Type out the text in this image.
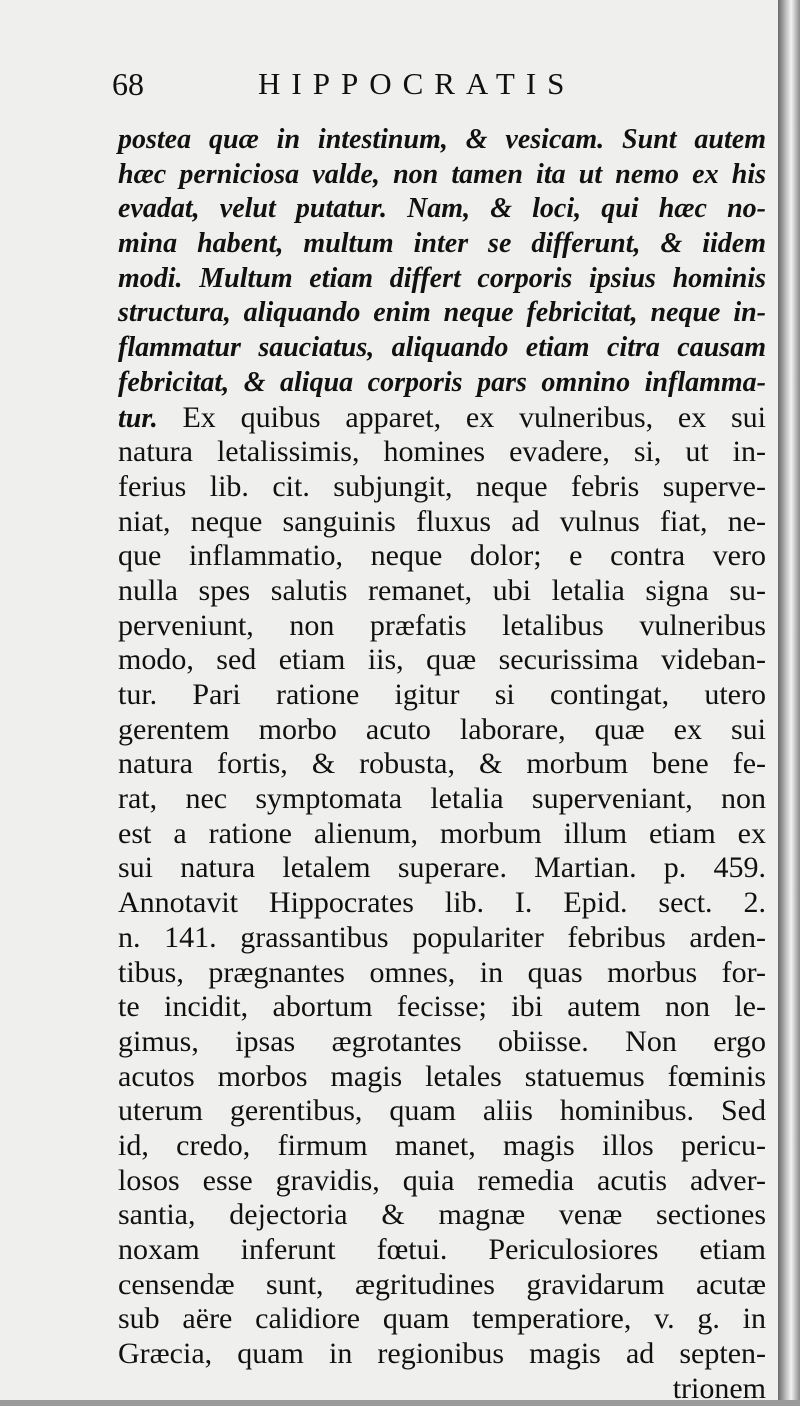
68	HIPPOCRATIS
postea quæ in intestinum, & vesicam. Sunt autem
hæc perniciosa valde, non tamen ita ut nemo ex his
evadat, velut putatur. Nam, & loci, qui hæc no-
mina habent, multum inter se differunt, & iidem
modi. Multum etiam differt corporis ipsius hominis
structura, aliquando enim neque febricitat, neque in-
flammatur sauciatus, aliquando etiam citra causam
febricitat, & aliqua corporis pars omnino inflamma-
tur. Ex quibus apparet, ex vulneribus, ex sui
natura letalissimis, homines evadere, si, ut in-
ferius lib. cit. subjungit, neque febris superve-
niat, neque sanguinis fluxus ad vulnus fiat, ne-
que inflammatio, neque dolor; e contra vero
nulla spes salutis remanet, ubi letalia signa su-
perveniunt, non præfatis letalibus vulneribus
modo, sed etiam iis, quæ securissima videban-
tur. Pari ratione igitur si contingat, utero
gerentem morbo acuto laborare, quæ ex sui
natura fortis, & robusta, & morbum bene fe-
rat, nec symptomata letalia superveniant, non
est a ratione alienum, morbum illum etiam ex
sui natura letalem superare. Martian. p. 459.
Annotavit Hippocrates lib. I. Epid. sect. 2.
n. 141. grassantibus populariter febribus arden-
tibus, prægnantes omnes, in quas morbus for-
te incidit, abortum fecisse; ibi autem non le-
gimus, ipsas ægrotantes obiisse. Non ergo
acutos morbos magis letales statuemus fœminis
uterum gerentibus, quam aliis hominibus. Sed
id, credo, firmum manet, magis illos pericu-
losos esse gravidis, quia remedia acutis adver-
santia, dejectoria & magnæ venæ sectiones
noxam inferunt fœtui. Periculosiores etiam
censendæ sunt, ægritudines gravidarum acutæ
sub aëre calidiore quam temperatiore, v. g. in
Græcia, quam in regionibus magis ad septen-
trionem
